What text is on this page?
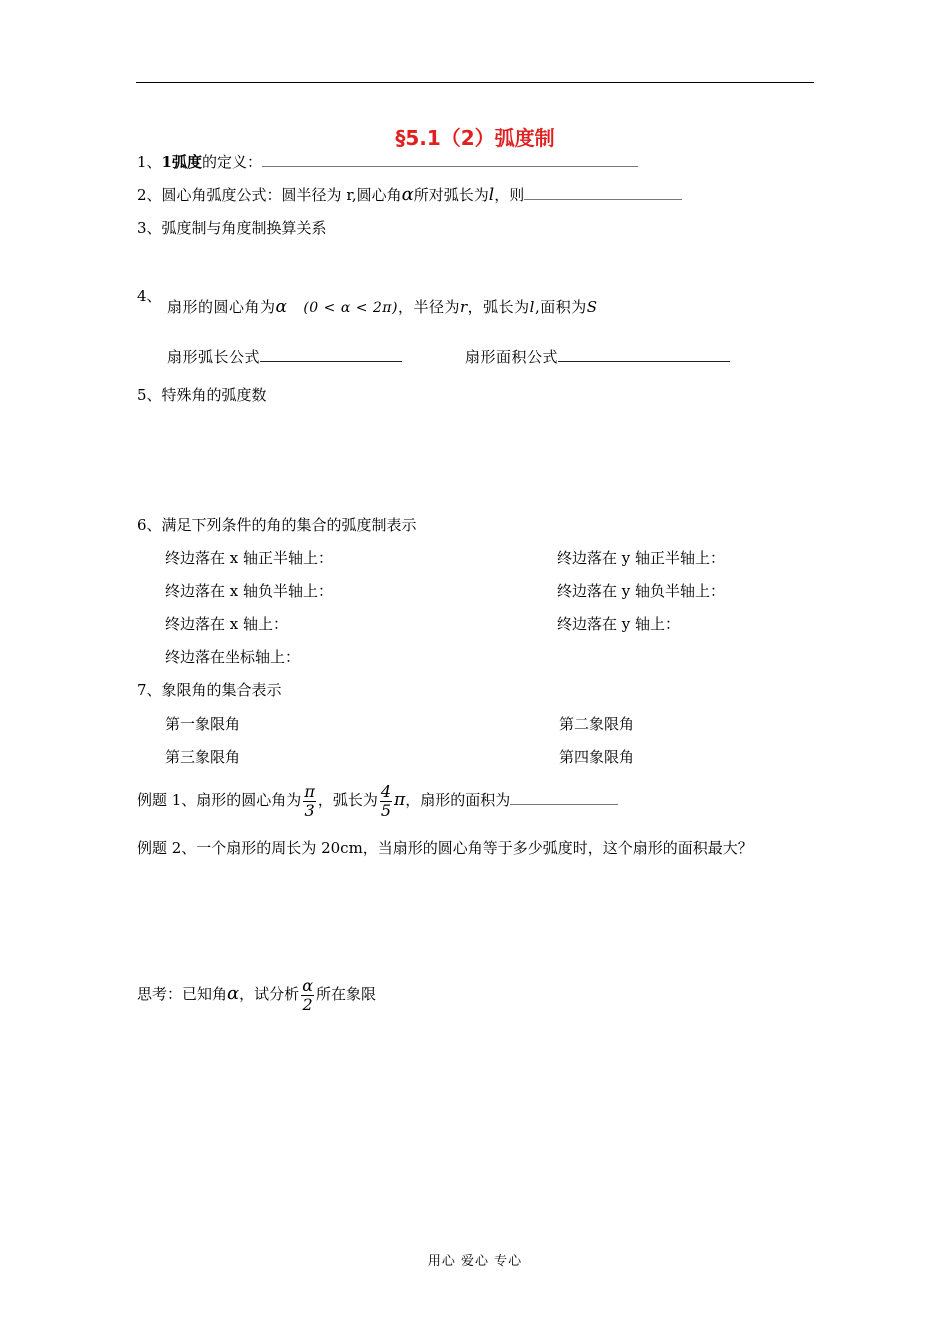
§5.1（2）弧度制
1、1弧度的定义：
2、圆心角弧度公式：圆半径为 r,圆心角α所对弧长为l，则
3、弧度制与角度制换算关系
4、
扇形的圆心角为α (0 < α < 2π)，半径为r，弧长为l,面积为S
扇形弧长公式	扇形面积公式
5、特殊角的弧度数
6、满足下列条件的角的集合的弧度制表示
终边落在 x 轴正半轴上：
终边落在 x 轴负半轴上：
终边落在 x 轴上：
终边落在坐标轴上：
终边落在 y 轴正半轴上：
终边落在 y 轴负半轴上：
终边落在 y 轴上：
7、象限角的集合表示
第一象限角
第三象限角
第二象限角
第四象限角
例题 1、扇形的圆心角为 $\frac{\pi}{3}$ ，弧长为 $\frac{4}{5}$ π，扇形的面积为
例题 2、一个扇形的周长为 20cm，当扇形的圆心角等于多少弧度时，这个扇形的面积最大？
思考：已知角α，试分析 $\frac{\alpha}{2}$ 所在象限
用心 爱心 专心
